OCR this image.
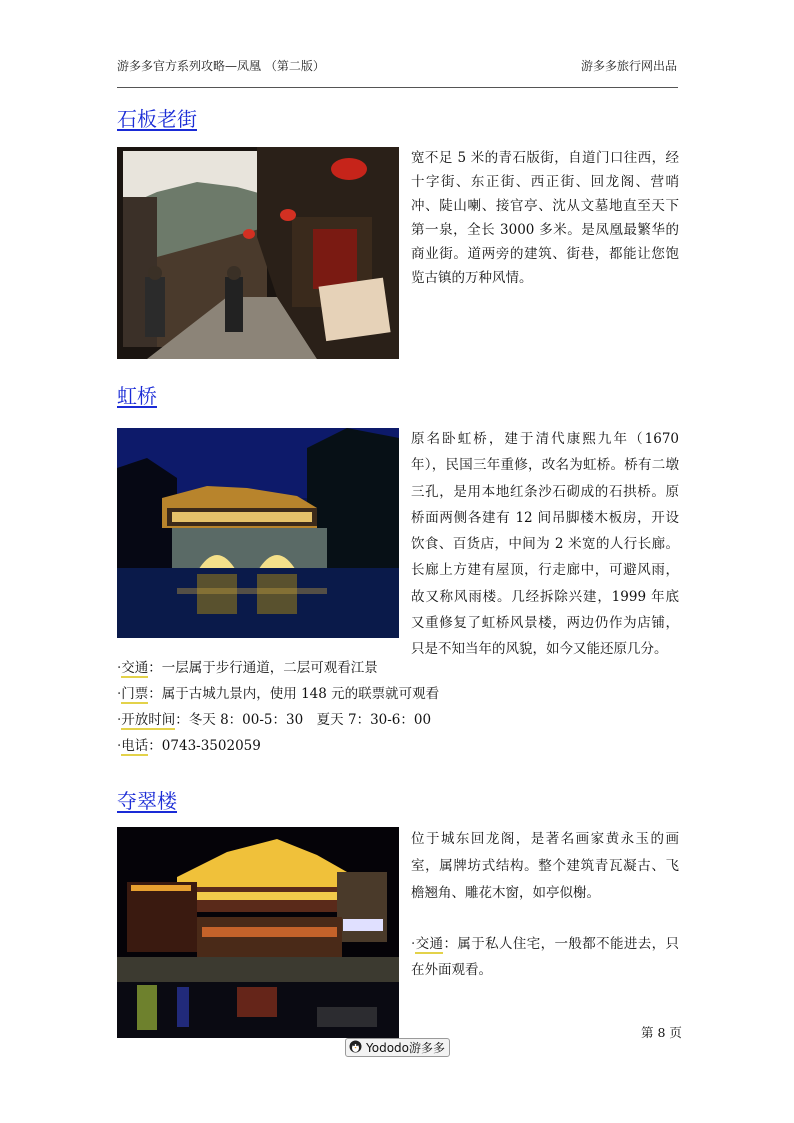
游多多官方系列攻略—凤凰 （第二版）	游多多旅行网出品
石板老街

宽不足 5 米的青石版街，自道门口往西，经十字街、东正街、西正街、回龙阁、营哨冲、陡山喇、接官亭、沈从文墓地直至天下第一泉，全长 3000 多米。是凤凰最繁华的商业街。道两旁的建筑、街巷，都能让您饱览古镇的万种风情。

虹桥

原名卧虹桥，建于清代康熙九年（1670 年），民国三年重修，改名为虹桥。桥有二墩三孔，是用本地红条沙石砌成的石拱桥。原桥面两侧各建有 12 间吊脚楼木板房，开设饮食、百货店，中间为 2 米宽的人行长廊。长廊上方建有屋顶，行走廊中，可避风雨，故又称风雨楼。几经拆除兴建，1999 年底又重修复了虹桥风景楼，两边仍作为店铺，只是不知当年的风貌，如今又能还原几分。

·交通：一层属于步行通道，二层可观看江景
·门票：属于古城九景内，使用 148 元的联票就可观看
·开放时间：冬天 8：00-5：30　夏天 7：30-6：00
·电话：0743-3502059
夺翠楼

位于城东回龙阁，是著名画家黄永玉的画室，属牌坊式结构。整个建筑青瓦凝古、飞檐翘角、雕花木窗，如亭似榭。

·交通：属于私人住宅，一般都不能进去，只在外面观看。

第 8 页
Yododo游多多
